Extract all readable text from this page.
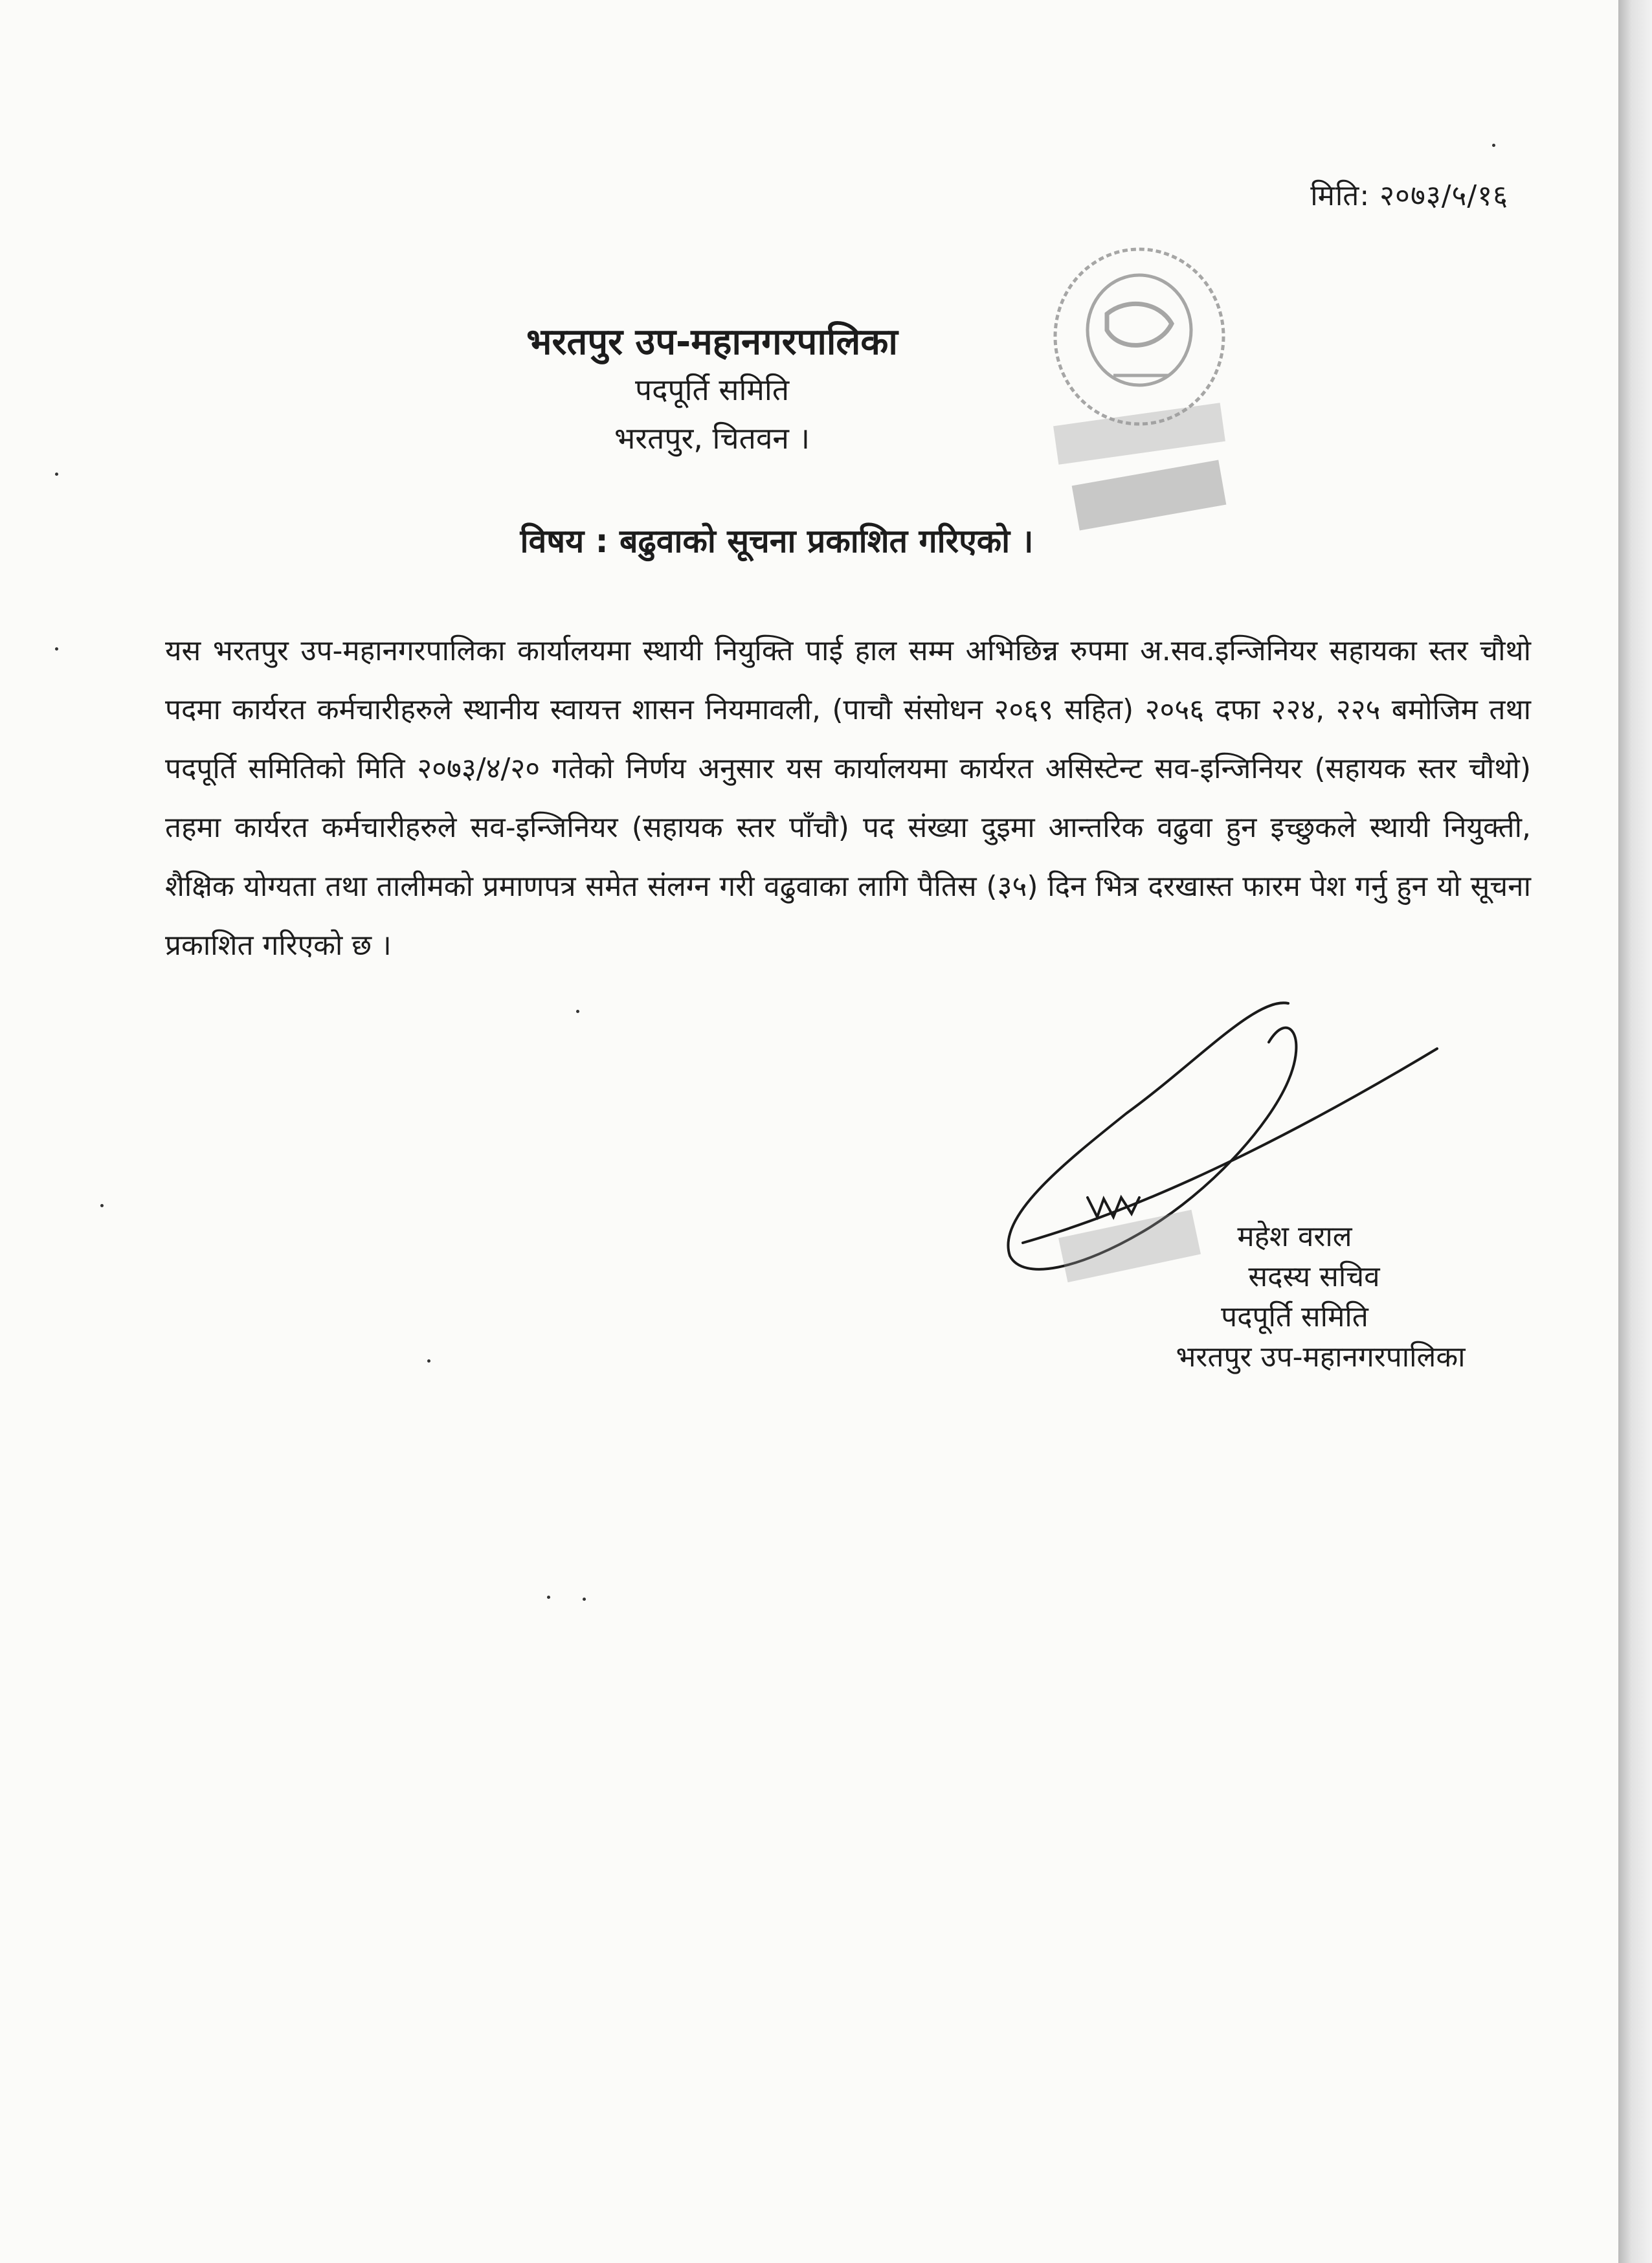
मिति: २०७३/५/१६
भरतपुर उप-महानगरपालिका
पदपूर्ति समिति
भरतपुर, चितवन ।
विषय : बढुवाको सूचना प्रकाशित गरिएको ।
यस भरतपुर उप-महानगरपालिका कार्यालयमा स्थायी नियुक्ति पाई हाल सम्म अभिछिन्न रुपमा अ.सव.इन्जिनियर सहायका स्तर चौथो पदमा कार्यरत कर्मचारीहरुले स्थानीय स्वायत्त शासन नियमावली, (पाचौ संसोधन २०६९ सहित) २०५६ दफा २२४, २२५ बमोजिम तथा पदपूर्ति समितिको मिति २०७३/४/२० गतेको निर्णय अनुसार यस कार्यालयमा कार्यरत असिस्टेन्ट सव-इन्जिनियर (सहायक स्तर चौथो) तहमा कार्यरत कर्मचारीहरुले सव-इन्जिनियर (सहायक स्तर पाँचौ) पद संख्या दुइमा आन्तरिक वढुवा हुन इच्छुकले स्थायी नियुक्ती, शैक्षिक योग्यता तथा तालीमको प्रमाणपत्र समेत संलग्न गरी वढुवाका लागि पैतिस (३५) दिन भित्र दरखास्त फारम पेश गर्नु हुन यो सूचना प्रकाशित गरिएको छ ।
महेश वराल
सदस्य सचिव
पदपूर्ति समिति
भरतपुर उप-महानगरपालिका
